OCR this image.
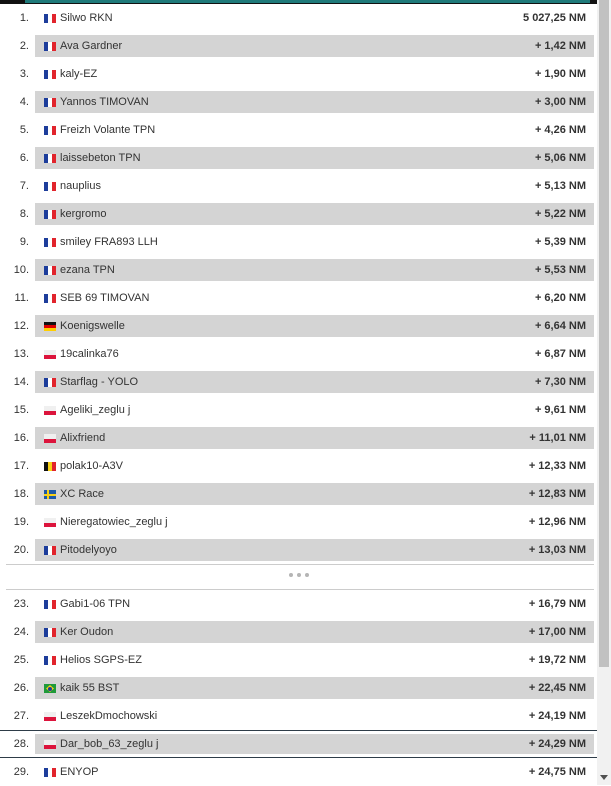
1.	Silwo RKN	5 027,25 NM
2.	Ava Gardner	+ 1,42 NM
3.	kaly-EZ	+ 1,90 NM
4.	Yannos TIMOVAN	+ 3,00 NM
5.	Freizh Volante TPN	+ 4,26 NM
6.	laissebeton TPN	+ 5,06 NM
7.	nauplius	+ 5,13 NM
8.	kergromo	+ 5,22 NM
9.	smiley FRA893 LLH	+ 5,39 NM
10.	ezana TPN	+ 5,53 NM
11.	SEB 69 TIMOVAN	+ 6,20 NM
12.	Koenigswelle	+ 6,64 NM
13.	19calinka76	+ 6,87 NM
14.	Starflag - YOLO	+ 7,30 NM
15.	Ageliki_zeglu j	+ 9,61 NM
16.	Alixfriend	+ 11,01 NM
17.	polak10-A3V	+ 12,33 NM
18.	XC Race	+ 12,83 NM
19.	Nieregatowiec_zeglu j	+ 12,96 NM
20.	Pitodelyoyo	+ 13,03 NM
23.	Gabi1-06 TPN	+ 16,79 NM
24.	Ker Oudon	+ 17,00 NM
25.	Helios SGPS-EZ	+ 19,72 NM
26.	kaik 55 BST	+ 22,45 NM
27.	LeszekDmochowski	+ 24,19 NM
28.	Dar_bob_63_zeglu j	+ 24,29 NM
29.	ENYOP	+ 24,75 NM
